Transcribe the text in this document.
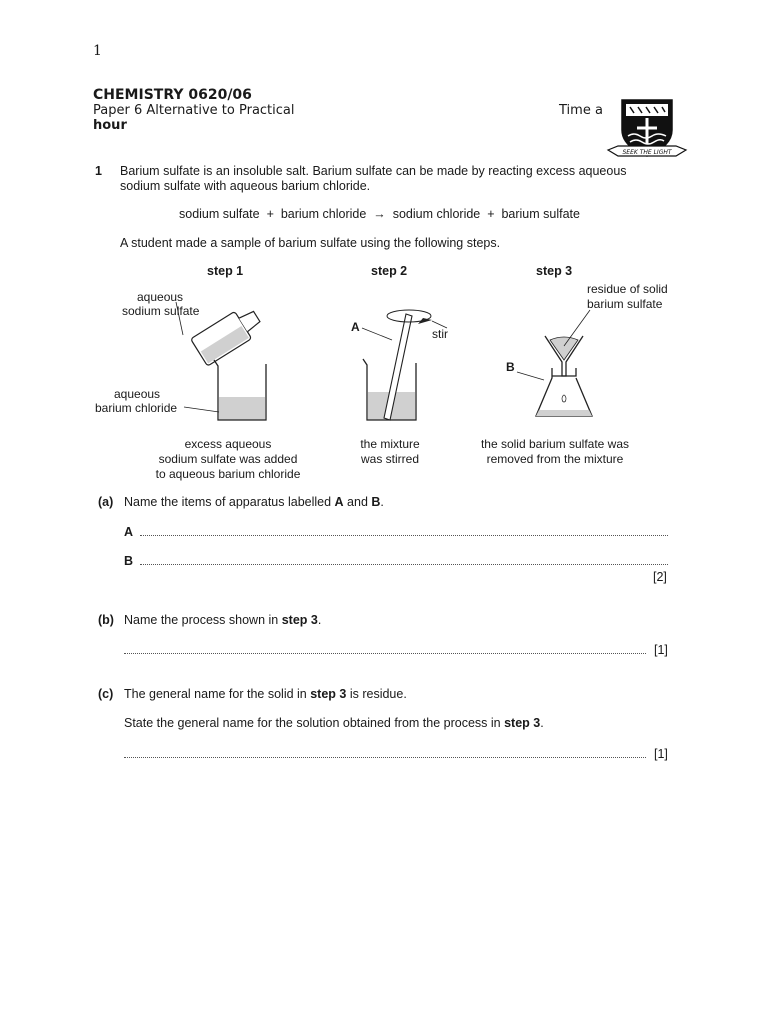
1
CHEMISTRY 0620/06
Paper 6 Alternative to Practical	Time a
hour
SEEK THE LIGHT
1 Barium sulfate is an insoluble salt. Barium sulfate can be made by reacting excess aqueous
sodium sulfate with aqueous barium chloride.
sodium sulfate + barium chloride → sodium chloride + barium sulfate
A student made a sample of barium sulfate using the following steps.
step 1	step 2	step 3
aqueous
sodium sulfate
aqueous
barium chloride
A	stir
residue of solid
barium sulfate
B
excess aqueous
sodium sulfate was added
to aqueous barium chloride
the mixture
was stirred
the solid barium sulfate was
removed from the mixture
(a) Name the items of apparatus labelled A and B.
A
B
[2]
(b) Name the process shown in step 3.
[1]
(c) The general name for the solid in step 3 is residue.
State the general name for the solution obtained from the process in step 3.
[1]
